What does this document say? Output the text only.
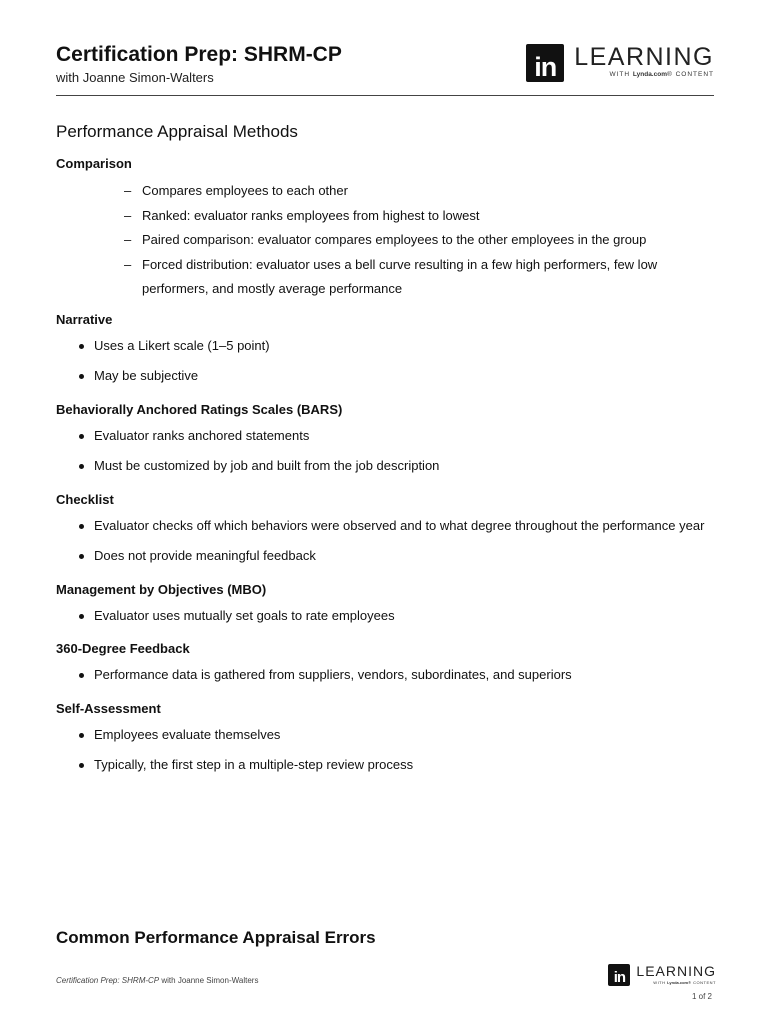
Certification Prep: SHRM-CP
with Joanne Simon-Walters	in LEARNING
WITH Lynda.com® CONTENT
Performance Appraisal Methods
Comparison
– Compares employees to each other
– Ranked: evaluator ranks employees from highest to lowest
– Paired comparison: evaluator compares employees to the other employees in the group
– Forced distribution: evaluator uses a bell curve resulting in a few high performers, few low performers, and mostly average performance
Narrative
Uses a Likert scale (1–5 point)
May be subjective
Behaviorally Anchored Ratings Scales (BARS)
Evaluator ranks anchored statements
Must be customized by job and built from the job description
Checklist
Evaluator checks off which behaviors were observed and to what degree throughout the performance year
Does not provide meaningful feedback
Management by Objectives (MBO)
Evaluator uses mutually set goals to rate employees
360-Degree Feedback
Performance data is gathered from suppliers, vendors, subordinates, and superiors
Self-Assessment
Employees evaluate themselves
Typically, the first step in a multiple-step review process
Common Performance Appraisal Errors
Certification Prep: SHRM-CP with Joanne Simon-Walters	in LEARNING
WITH Lynda.com® CONTENT
1 of 2
